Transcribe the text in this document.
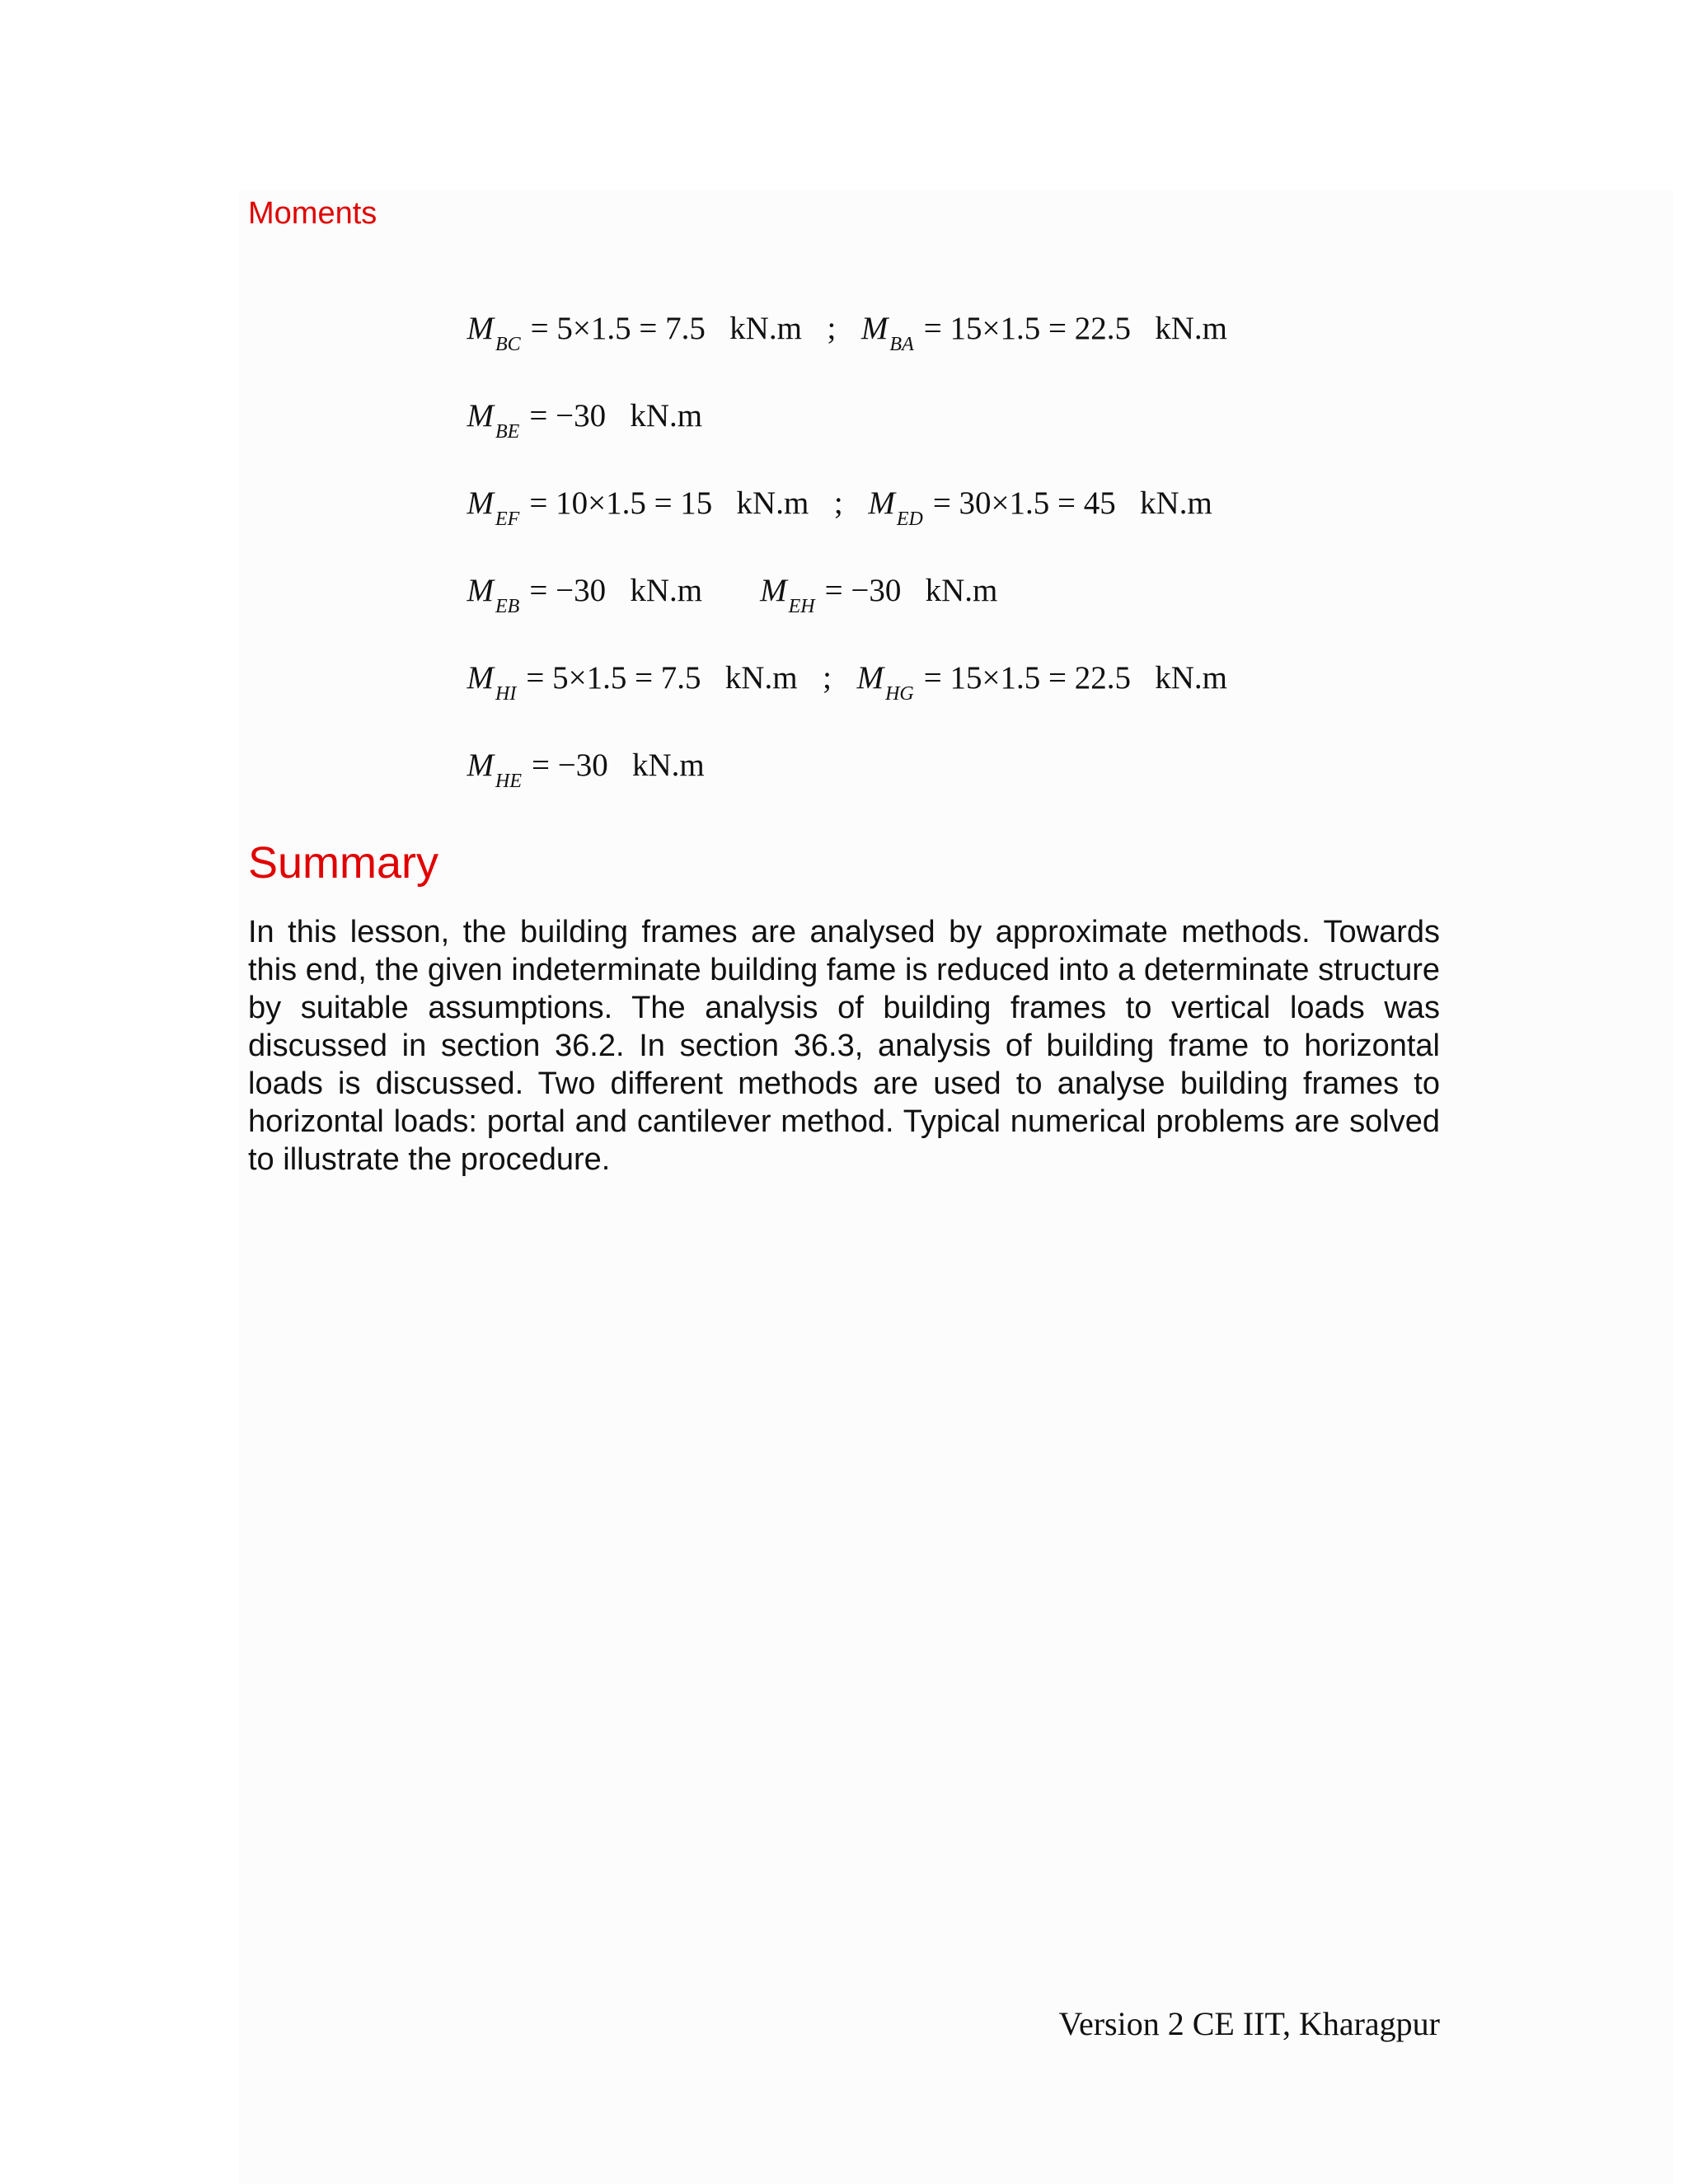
Moments

$M_{BC} = 5\times 1.5 = 7.5$   kN.m ; $M_{BA} = 15\times 1.5 = 22.5$   kN.m

$M_{BE} = -30$   kN.m

$M_{EF} = 10\times 1.5 = 15$   kN.m ; $M_{ED} = 30\times 1.5 = 45$   kN.m

$M_{EB} = -30$   kN.m $M_{EH} = -30$   kN.m

$M_{HI} = 5\times 1.5 = 7.5$   kN.m ; $M_{HG} = 15\times 1.5 = 22.5$   kN.m

$M_{HE} = -30$   kN.m

Summary

In this lesson, the building frames are analysed by approximate methods. Towards this end, the given indeterminate building fame is reduced into a determinate structure by suitable assumptions. The analysis of building frames to vertical loads was discussed in section 36.2. In section 36.3, analysis of building frame to horizontal loads is discussed. Two different methods are used to analyse building frames to horizontal loads: portal and cantilever method. Typical numerical problems are solved to illustrate the procedure.

Version 2 CE IIT, Kharagpur
